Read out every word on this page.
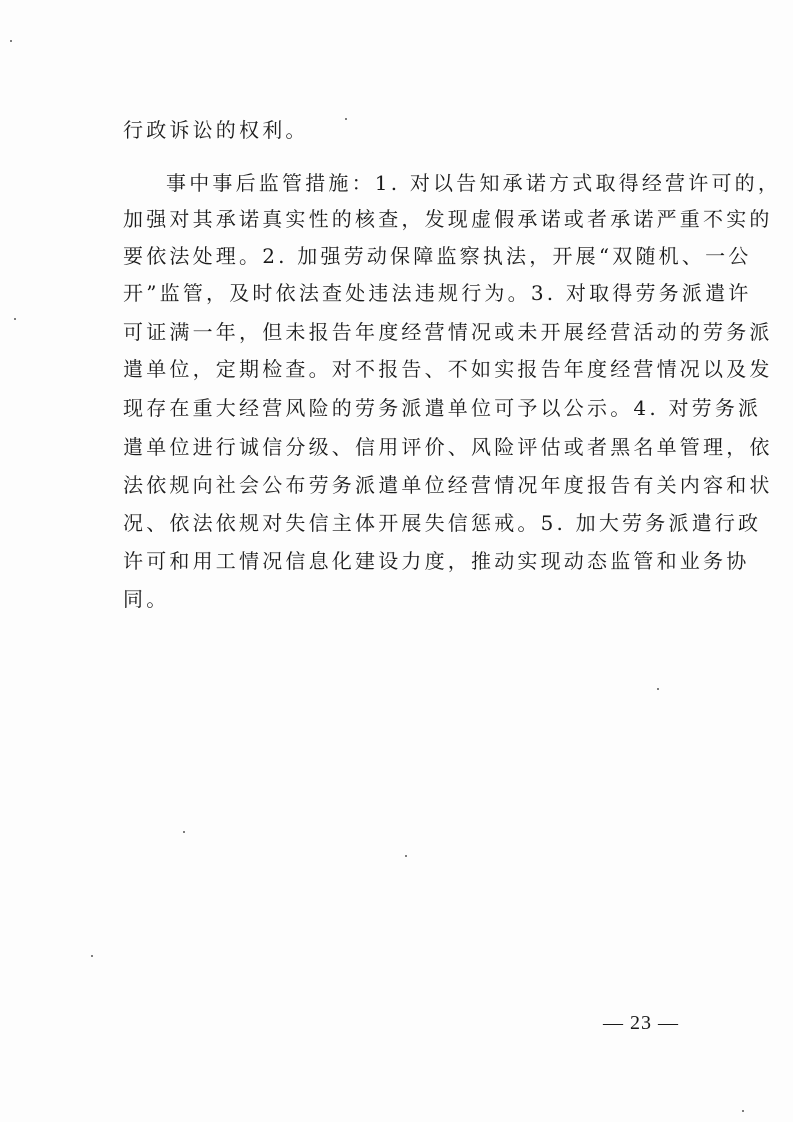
行政诉讼的权利。
事中事后监管措施：1. 对以告知承诺方式取得经营许可的，
加强对其承诺真实性的核查，发现虚假承诺或者承诺严重不实的
要依法处理。2. 加强劳动保障监察执法，开展“双随机、一公
开”监管，及时依法查处违法违规行为。3. 对取得劳务派遣许
可证满一年，但未报告年度经营情况或未开展经营活动的劳务派
遣单位，定期检查。对不报告、不如实报告年度经营情况以及发
现存在重大经营风险的劳务派遣单位可予以公示。4. 对劳务派
遣单位进行诚信分级、信用评价、风险评估或者黑名单管理，依
法依规向社会公布劳务派遣单位经营情况年度报告有关内容和状
况、依法依规对失信主体开展失信惩戒。5. 加大劳务派遣行政
许可和用工情况信息化建设力度，推动实现动态监管和业务协
同。
— 23 —
